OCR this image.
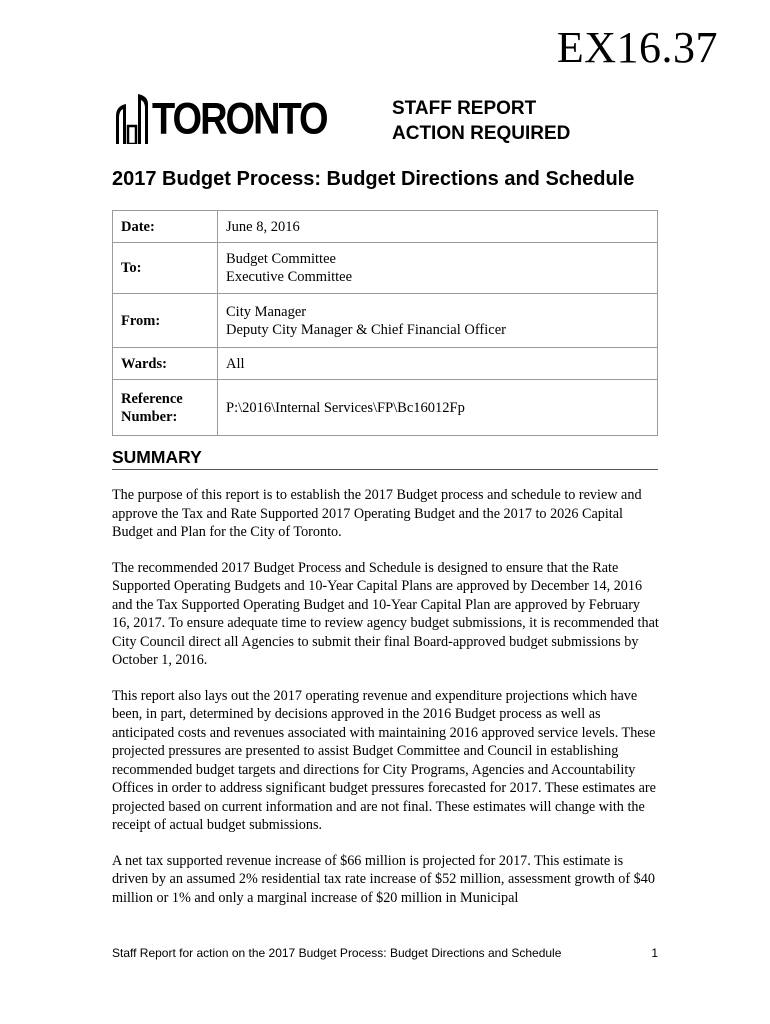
EX16.37
TORONTO	STAFF REPORT
ACTION REQUIRED
2017 Budget Process: Budget Directions and Schedule
Date:	June 8, 2016
To:	Budget Committee
Executive Committee

From:	City Manager
Deputy City Manager & Chief Financial Officer

Wards:	All

Reference
Number:	P:\2016\Internal Services\FP\Bc16012Fp
SUMMARY

The purpose of this report is to establish the 2017 Budget process and schedule to review and approve the Tax and Rate Supported 2017 Operating Budget and the 2017 to 2026 Capital Budget and Plan for the City of Toronto.

The recommended 2017 Budget Process and Schedule is designed to ensure that the Rate Supported Operating Budgets and 10-Year Capital Plans are approved by December 14, 2016 and the Tax Supported Operating Budget and 10-Year Capital Plan are approved by February 16, 2017. To ensure adequate time to review agency budget submissions, it is recommended that City Council direct all Agencies to submit their final Board-approved budget submissions by October 1, 2016.

This report also lays out the 2017 operating revenue and expenditure projections which have been, in part, determined by decisions approved in the 2016 Budget process as well as anticipated costs and revenues associated with maintaining 2016 approved service levels. These projected pressures are presented to assist Budget Committee and Council in establishing recommended budget targets and directions for City Programs, Agencies and Accountability Offices in order to address significant budget pressures forecasted for 2017. These estimates are projected based on current information and are not final. These estimates will change with the receipt of actual budget submissions.

A net tax supported revenue increase of $66 million is projected for 2017. This estimate is driven by an assumed 2% residential tax rate increase of $52 million, assessment growth of $40 million or 1% and only a marginal increase of $20 million in Municipal

Staff Report for action on the 2017 Budget Process: Budget Directions and Schedule	1
